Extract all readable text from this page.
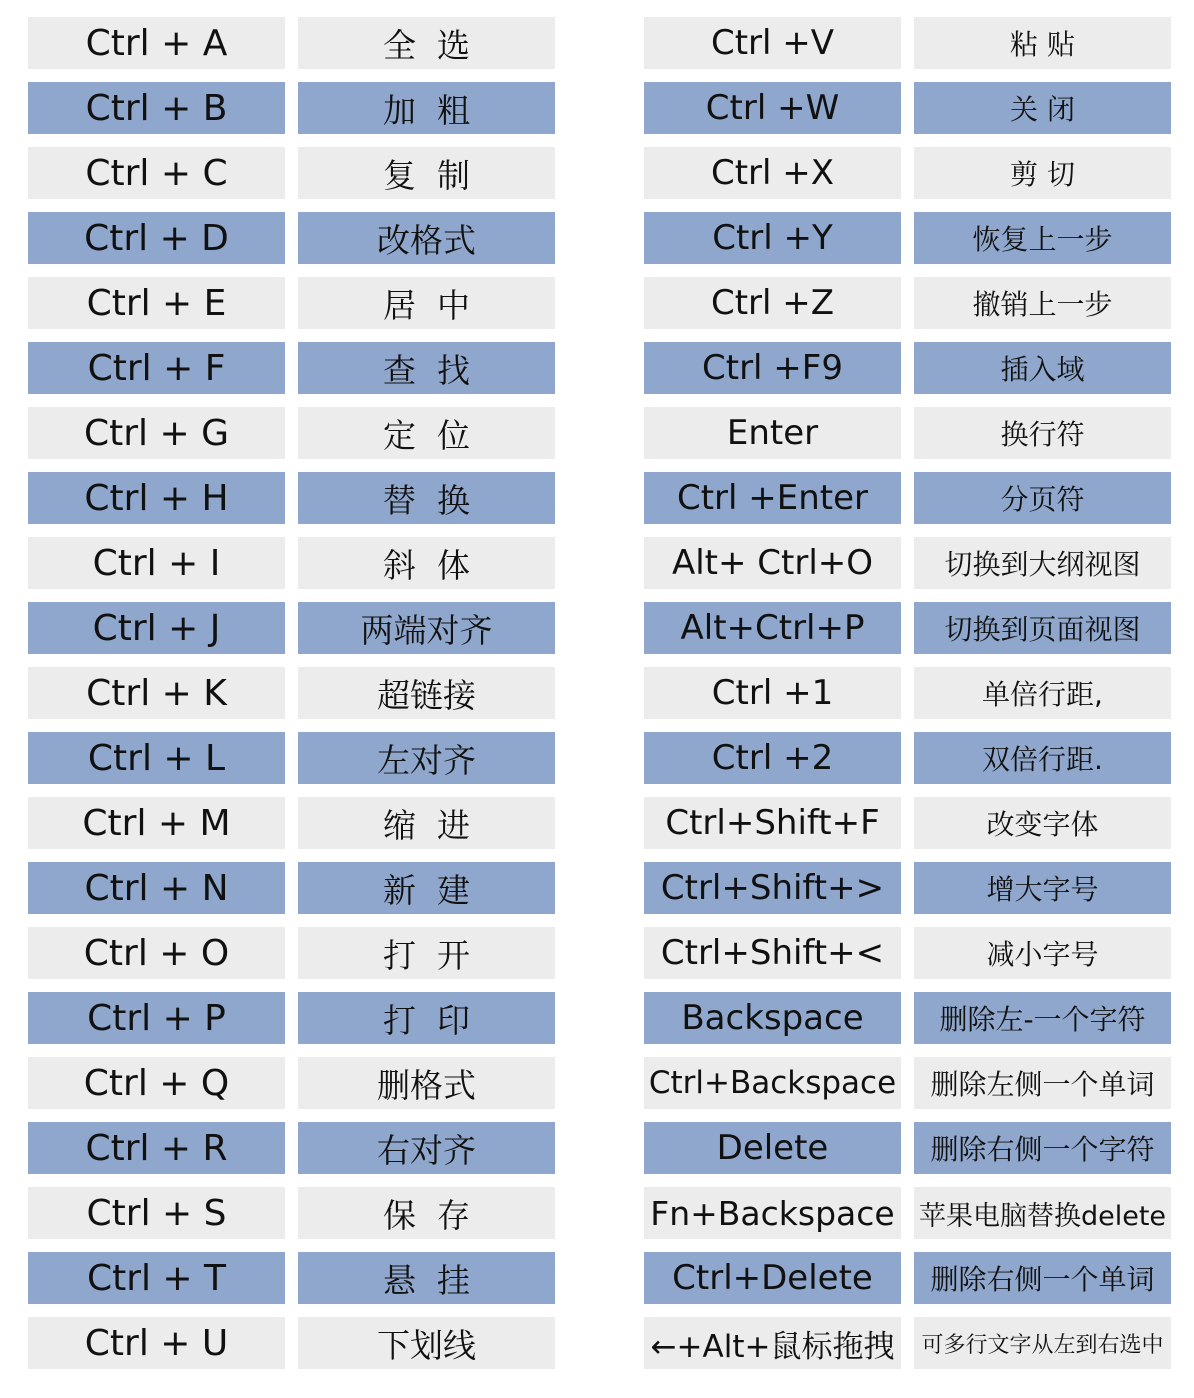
Ctrl + A	全  选	Ctrl +V	粘 贴
Ctrl + B	加  粗	Ctrl +W	关 闭
Ctrl + C	复  制	Ctrl +X	剪 切
Ctrl + D	改格式	Ctrl +Y	恢复上一步
Ctrl + E	居  中	Ctrl +Z	撤销上一步
Ctrl + F	查  找	Ctrl +F9	插入域
Ctrl + G	定  位	Enter	换行符
Ctrl + H	替  换	Ctrl +Enter	分页符
Ctrl + I	斜  体	Alt+ Ctrl+O	切换到大纲视图
Ctrl + J	两端对齐	Alt+Ctrl+P	切换到页面视图
Ctrl + K	超链接	Ctrl +1	单倍行距,
Ctrl + L	左对齐	Ctrl +2	双倍行距.
Ctrl + M	缩  进	Ctrl+Shift+F	改变字体
Ctrl + N	新  建	Ctrl+Shift+>	增大字号
Ctrl + O	打  开	Ctrl+Shift+<	减小字号
Ctrl + P	打  印	Backspace	删除左-一个字符
Ctrl + Q	删格式	Ctrl+Backspace 删除左侧一个单词
Ctrl + R	右对齐	Delete	删除右侧一个字符
Ctrl + S	保  存	Fn+Backspace 苹果电脑替换delete
Ctrl + T	悬  挂	Ctrl+Delete 删除右侧一个单词
Ctrl + U	下划线	←+Alt+鼠标拖拽 可多行文字从左到右选中
